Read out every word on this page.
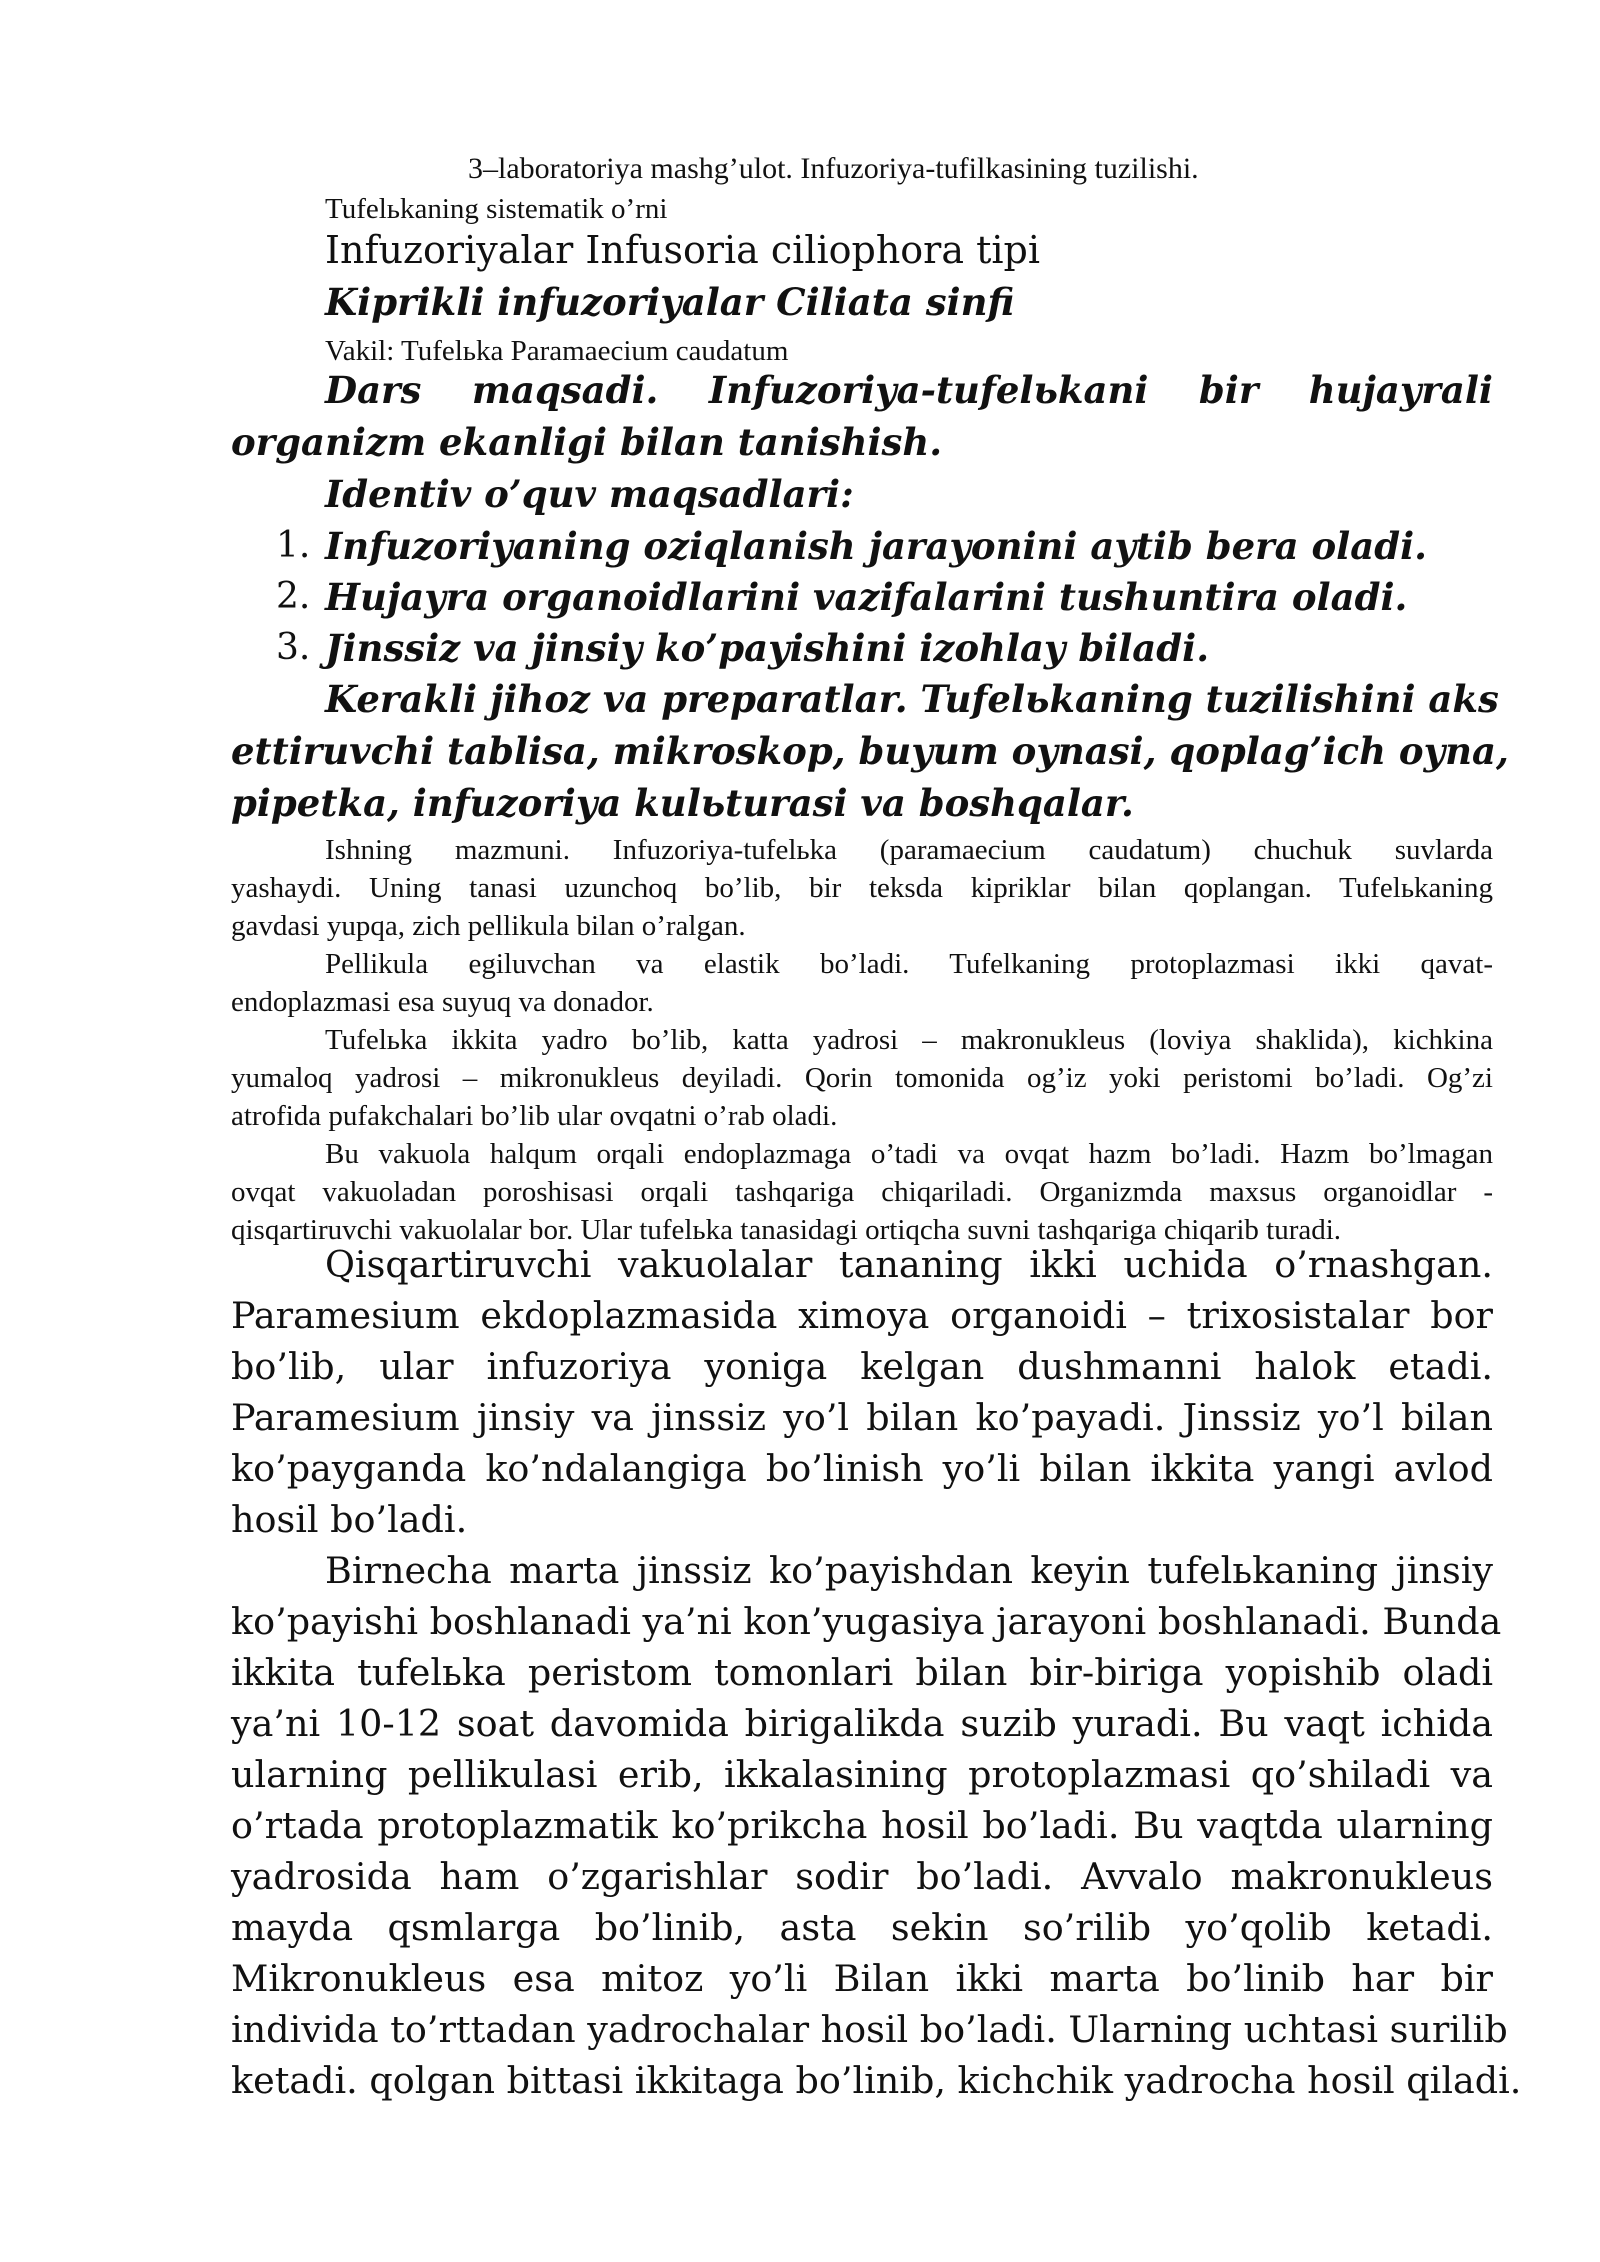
3–laboratoriya mashg’ulot. Infuzoriya-tufilkasining tuzilishi.
Tufelьkaning sistematik o’rni
Infuzoriyalar Infusoria ciliophora tipi
Kiprikli infuzoriyalar Ciliata sinfi
Vakil: Tufelьka Paramaecium caudatum
Dars maqsadi. Infuzoriya-tufelьkani bir hujayrali
organizm ekanligi bilan tanishish.
Identiv o’quv maqsadlari:
1. Infuzoriyaning oziqlanish jarayonini aytib bera oladi.
2. Hujayra organoidlarini vazifalarini tushuntira oladi.
3. Jinssiz va jinsiy ko’payishini izohlay biladi.
Kerakli jihoz va preparatlar. Tufelьkaning tuzilishini aks
ettiruvchi tablisa, mikroskop, buyum oynasi, qoplag’ich oyna,
pipetka, infuzoriya kulьturasi va boshqalar.
Ishning mazmuni. Infuzoriya-tufelьka (paramaecium caudatum) chuchuk suvlarda
yashaydi. Uning tanasi uzunchoq bo’lib, bir teksda kipriklar bilan qoplangan. Tufelьkaning
gavdasi yupqa, zich pellikula bilan o’ralgan.
Pellikula egiluvchan va elastik bo’ladi. Tufelkaning protoplazmasi ikki qavat-
endoplazmasi esa suyuq va donador.
Tufelьka ikkita yadro bo’lib, katta yadrosi – makronukleus (loviya shaklida), kichkina
yumaloq yadrosi – mikronukleus deyiladi. Qorin tomonida og’iz yoki peristomi bo’ladi. Og’zi
atrofida pufakchalari bo’lib ular ovqatni o’rab oladi.
Bu vakuola halqum orqali endoplazmaga o’tadi va ovqat hazm bo’ladi. Hazm bo’lmagan
ovqat vakuoladan poroshisasi orqali tashqariga chiqariladi. Organizmda maxsus organoidlar -
qisqartiruvchi vakuolalar bor. Ular tufelьka tanasidagi ortiqcha suvni tashqariga chiqarib turadi.
Qisqartiruvchi vakuolalar tananing ikki uchida o’rnashgan.
Paramesium ekdoplazmasida ximoya organoidi – trixosistalar bor
bo’lib, ular infuzoriya yoniga kelgan dushmanni halok etadi.
Paramesium jinsiy va jinssiz yo’l bilan ko’payadi. Jinssiz yo’l bilan
ko’payganda ko’ndalangiga bo’linish yo’li bilan ikkita yangi avlod
hosil bo’ladi.
Birnecha marta jinssiz ko’payishdan keyin tufelьkaning jinsiy
ko’payishi boshlanadi ya’ni kon’yugasiya jarayoni boshlanadi. Bunda
ikkita tufelьka peristom tomonlari bilan bir-biriga yopishib oladi
ya’ni 10-12 soat davomida birigalikda suzib yuradi. Bu vaqt ichida
ularning pellikulasi erib, ikkalasining protoplazmasi qo’shiladi va
o’rtada protoplazmatik ko’prikcha hosil bo’ladi. Bu vaqtda ularning
yadrosida ham o’zgarishlar sodir bo’ladi. Avvalo makronukleus
mayda qsmlarga bo’linib, asta sekin so’rilib yo’qolib ketadi.
Mikronukleus esa mitoz yo’li Bilan ikki marta bo’linib har bir
individa to’rttadan yadrochalar hosil bo’ladi. Ularning uchtasi surilib
ketadi. qolgan bittasi ikkitaga bo’linib, kichchik yadrocha hosil qiladi.
